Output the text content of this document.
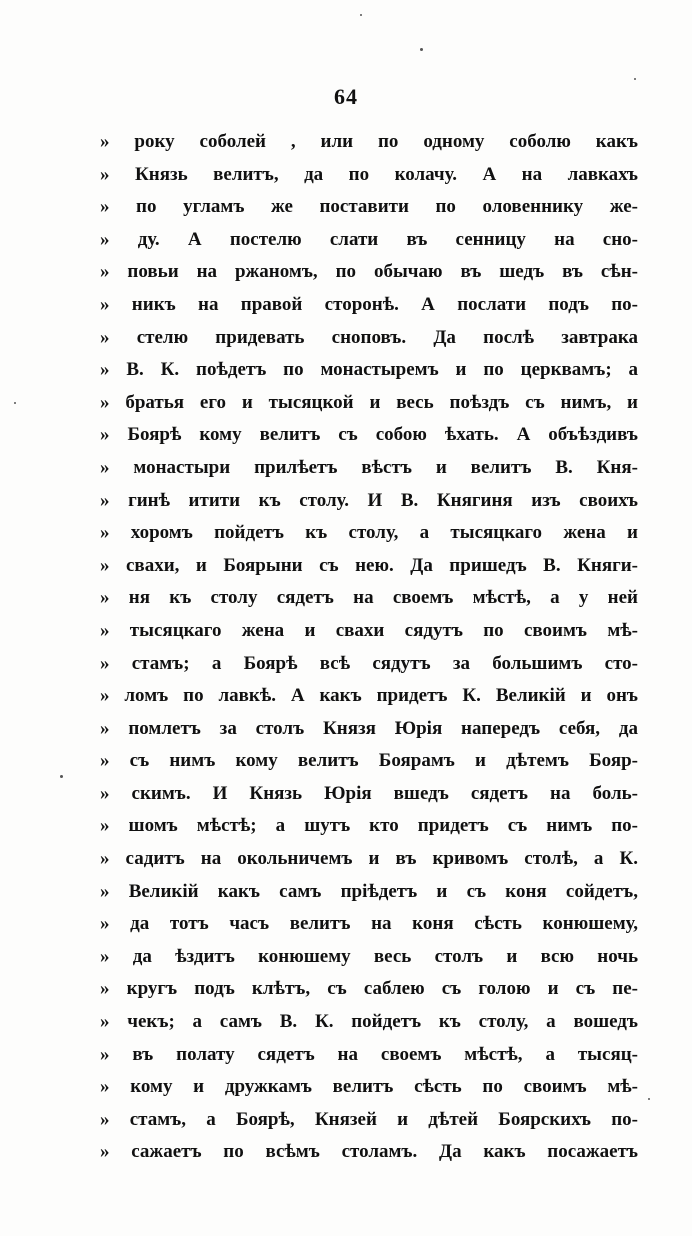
64
» року соболей , или по одному соболю какъ
» Князь велитъ, да по колачу. А на лавкахъ
» по угламъ же поставити по оловеннику же-
» ду. А постелю слати въ сенницу на сно-
» повьи на ржаномъ, по обычаю въ шедъ въ сѣн-
» никъ на правой сторонѣ. А послати подъ по-
» стелю придевать сноповъ. Да послѣ завтрака
» В. К. поѣдетъ по монастыремъ и по церквамъ; а
» братья его и тысяцкой и весь поѣздъ съ нимъ, и
» Боярѣ кому велитъ съ собою ѣхать. А объѣздивъ
» монастыри прилѣетъ вѣстъ и велитъ В. Кня-
» гинѣ итити къ столу. И В. Княгиня изъ своихъ
» хоромъ пойдетъ къ столу, а тысяцкаго жена и
» свахи, и Боярыни съ нею. Да пришедъ В. Княги-
» ня къ столу сядетъ на своемъ мѣстѣ, а у ней
» тысяцкаго жена и свахи сядутъ по своимъ мѣ-
» стамъ; а Боярѣ всѣ сядутъ за большимъ сто-
» ломъ по лавкѣ. А какъ придетъ К. Великій и онъ
» помлетъ за столъ Князя Юрія напередъ себя, да
» съ нимъ кому велитъ Боярамъ и дѣтемъ Бояр-
» скимъ. И Князь Юрія вшедъ сядетъ на боль-
» шомъ мѣстѣ; а шутъ кто придетъ съ нимъ по-
» садитъ на окольничемъ и въ кривомъ столѣ, а К.
» Великій какъ самъ пріѣдетъ и съ коня сойдетъ,
» да тотъ часъ велитъ на коня сѣсть конюшему,
» да ѣздитъ конюшему весь столъ и всю ночь
» кругъ подъ клѣтъ, съ саблею съ голою и съ пе-
» чекъ; а самъ В. К. пойдетъ къ столу, а вошедъ
» въ полату сядетъ на своемъ мѣстѣ, а тысяц-
» кому и дружкамъ велитъ сѣсть по своимъ мѣ-
» стамъ, а Боярѣ, Князей и дѣтей Боярскихъ по-
» сажаетъ по всѣмъ столамъ. Да какъ посажаетъ
